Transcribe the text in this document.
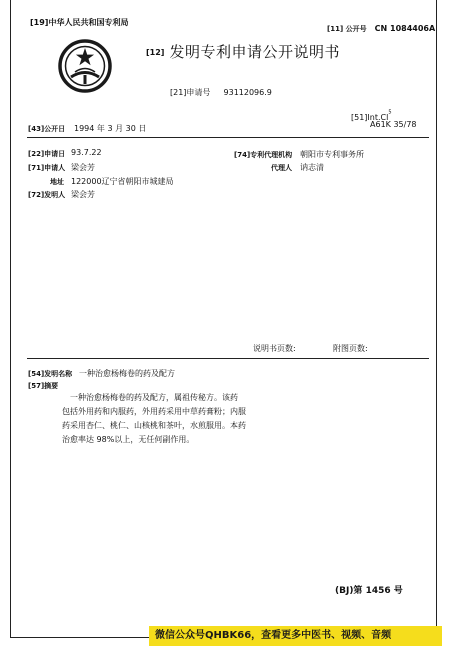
[19]中华人民共和国专利局
[11] 公开号 CN 1084406A
[12] 发明专利申请公开说明书
[21]申请号 93112096.9
[51]Int.Cl$^5$
A61K 35/78
[43]公开日 1994 年 3 月 30 日
[22]申请日 93.7.22
[71]申请人 梁会芳
地址 122000辽宁省朝阳市城建局
[72]发明人 梁会芳
[74]专利代理机构 朝阳市专利事务所
代理人 讷志清
说明书页数:	附图页数:
[54]发明名称 一种治愈杨梅卷的药及配方
[57]摘要

一种治愈杨梅卷的药及配方，属祖传秘方。该药

包括外用药和内服药，外用药采用中草药膏粉；内服

药采用杏仁、桃仁、山核桃和茶叶，水煎服用。本药

治愈率达 98%以上，无任何副作用。

(BJ)第 1456 号
微信公众号QHBK66，查看更多中医书、视频、音频
